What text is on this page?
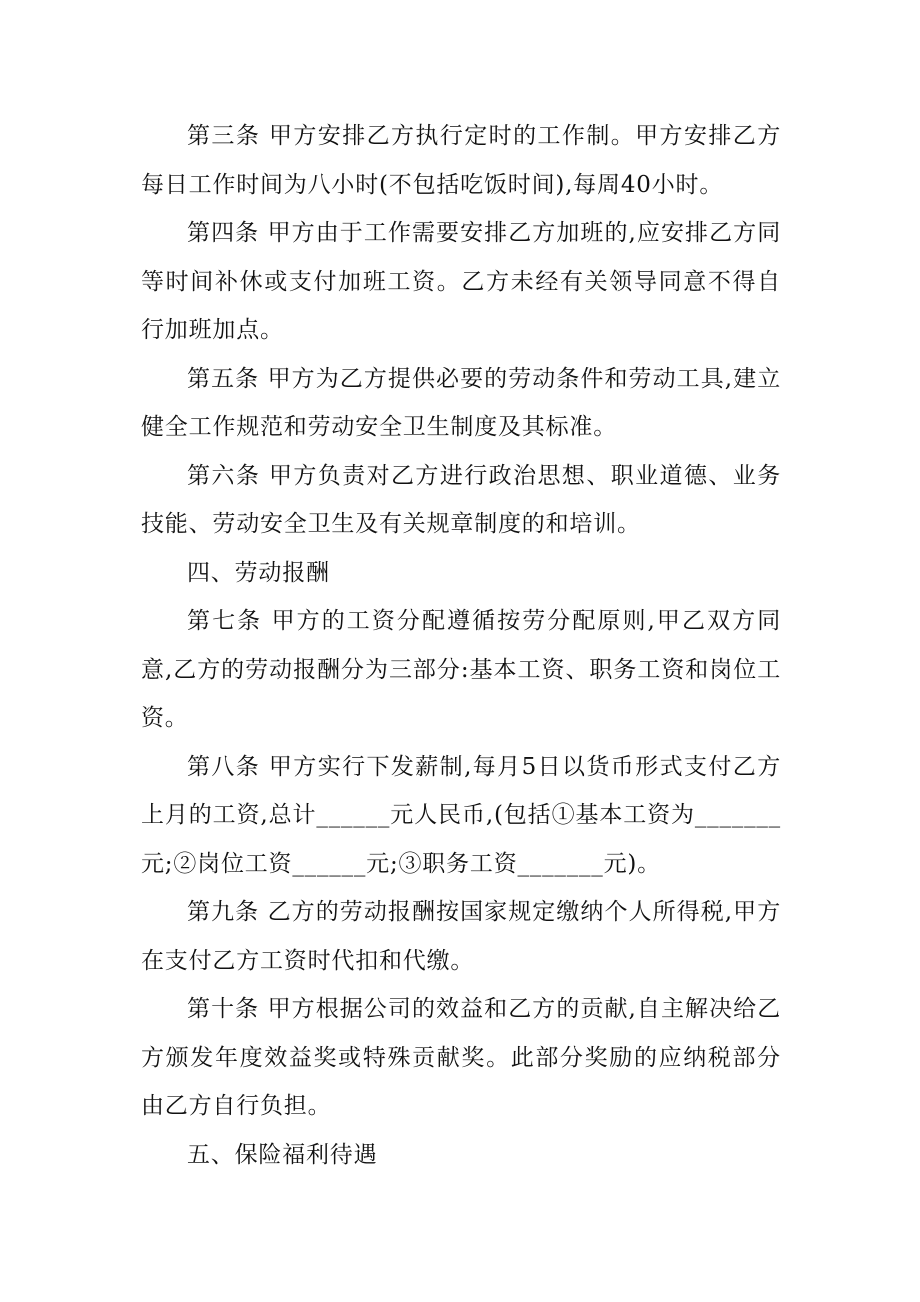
第三条 甲方安排乙方执行定时的工作制。甲方安排乙方每日工作时间为八小时(不包括吃饭时间),每周40小时。

第四条 甲方由于工作需要安排乙方加班的,应安排乙方同等时间补休或支付加班工资。乙方未经有关领导同意不得自行加班加点。

第五条 甲方为乙方提供必要的劳动条件和劳动工具,建立健全工作规范和劳动安全卫生制度及其标准。

第六条 甲方负责对乙方进行政治思想、职业道德、业务技能、劳动安全卫生及有关规章制度的和培训。

四、劳动报酬

第七条 甲方的工资分配遵循按劳分配原则,甲乙双方同意,乙方的劳动报酬分为三部分:基本工资、职务工资和岗位工资。

第八条 甲方实行下发薪制,每月5日以货币形式支付乙方上月的工资,总计______元人民币,(包括①基本工资为_______元;②岗位工资______元;③职务工资_______元)。

第九条 乙方的劳动报酬按国家规定缴纳个人所得税,甲方在支付乙方工资时代扣和代缴。

第十条 甲方根据公司的效益和乙方的贡献,自主解决给乙方颁发年度效益奖或特殊贡献奖。此部分奖励的应纳税部分由乙方自行负担。

五、保险福利待遇
